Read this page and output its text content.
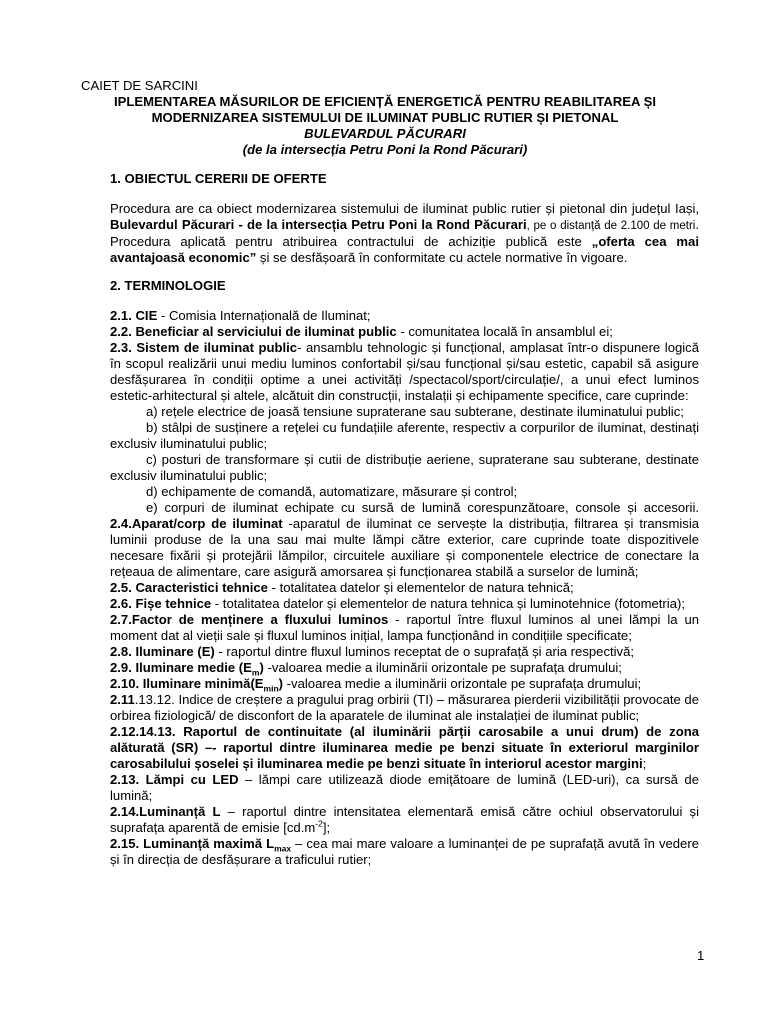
CAIET DE SARCINI

IPLEMENTAREA MĂSURILOR DE EFICIENȚĂ ENERGETICĂ PENTRU REABILITAREA ȘI
MODERNIZAREA SISTEMULUI DE ILUMINAT PUBLIC RUTIER ȘI PIETONAL
BULEVARDUL PĂCURARI
(de la intersecția Petru Poni la Rond Păcurari)
1. OBIECTUL CERERII DE OFERTE

Procedura are ca obiect modernizarea sistemului de iluminat public rutier și pietonal din județul Iași, Bulevardul Păcurari - de la intersecția Petru Poni la Rond Păcurari, pe o distanță de 2.100 de metri. Procedura aplicată pentru atribuirea contractului de achiziție publică este „oferta cea mai avantajoasă economic” și se desfășoară în conformitate cu actele normative în vigoare.

2. TERMINOLOGIE

2.1. CIE - Comisia Internațională de Iluminat;

2.2. Beneficiar al serviciului de iluminat public - comunitatea locală în ansamblul ei;

2.3. Sistem de iluminat public- ansamblu tehnologic și funcțional, amplasat într-o dispunere logică în scopul realizării unui mediu luminos confortabil și/sau funcțional și/sau estetic, capabil să asigure desfășurarea în condiții optime a unei activități /spectacol/sport/circulație/, a unui efect luminos estetic-arhitectural și altele, alcătuit din construcții, instalații și echipamente specifice, care cuprinde:

a) rețele electrice de joasă tensiune supraterane sau subterane, destinate iluminatului public;

b) stâlpi de susținere a rețelei cu fundațiile aferente, respectiv a corpurilor de iluminat, destinați exclusiv iluminatului public;

c) posturi de transformare și cutii de distribuție aeriene, supraterane sau subterane, destinate exclusiv iluminatului public;

d) echipamente de comandă, automatizare, măsurare și control;

e) corpuri de iluminat echipate cu sursă de lumină corespunzătoare, console și accesorii. 2.4.Aparat/corp de iluminat -aparatul de iluminat ce servește la distribuția, filtrarea și transmisia luminii produse de la una sau mai multe lămpi către exterior, care cuprinde toate dispozitivele necesare fixării și protejării lămpilor, circuitele auxiliare și componentele electrice de conectare la rețeaua de alimentare, care asigură amorsarea și funcționarea stabilă a surselor de lumină;

2.5. Caracteristici tehnice - totalitatea datelor și elementelor de natura tehnică;

2.6. Fișe tehnice - totalitatea datelor și elementelor de natura tehnica și luminotehnice (fotometria);

2.7.Factor de menținere a fluxului luminos - raportul între fluxul luminos al unei lămpi la un moment dat al vieții sale și fluxul luminos inițial, lampa funcționând in condițiile specificate;

2.8. Iluminare (E) - raportul dintre fluxul luminos receptat de o suprafață și aria respectivă;

2.9. Iluminare medie $(E_m)$ -valoarea medie a iluminării orizontale pe suprafața drumului;

2.10. Iluminare $minimă(E_{min})$ -valoarea medie a iluminării orizontale pe suprafața drumului;

2.11.13.12. Indice de creștere a pragului prag orbirii (TI) – măsurarea pierderii vizibilității provocate de orbirea fiziologică/ de disconfort de la aparatele de iluminat ale instalației de iluminat public;

2.12.14.13. Raportul de continuitate (al iluminării părții carosabile a unui drum) de zona alăturată (SR) –- raportul dintre iluminarea medie pe benzi situate în exteriorul marginilor carosabilului șoselei și iluminarea medie pe benzi situate în interiorul acestor margini;

2.13. Lămpi cu LED – lămpi care utilizează diode emițătoare de lumină (LED-uri), ca sursă de lumină;

2.14.Luminanță L – raportul dintre intensitatea elementară emisă către ochiul observatorului și suprafața aparentă de emisie $[cd.m^{-2}]$;

2.15. Luminanță maximă $L_{max}$ – cea mai mare valoare a luminanței de pe suprafață avută în vedere și în direcția de desfășurare a traficului rutier;

1
